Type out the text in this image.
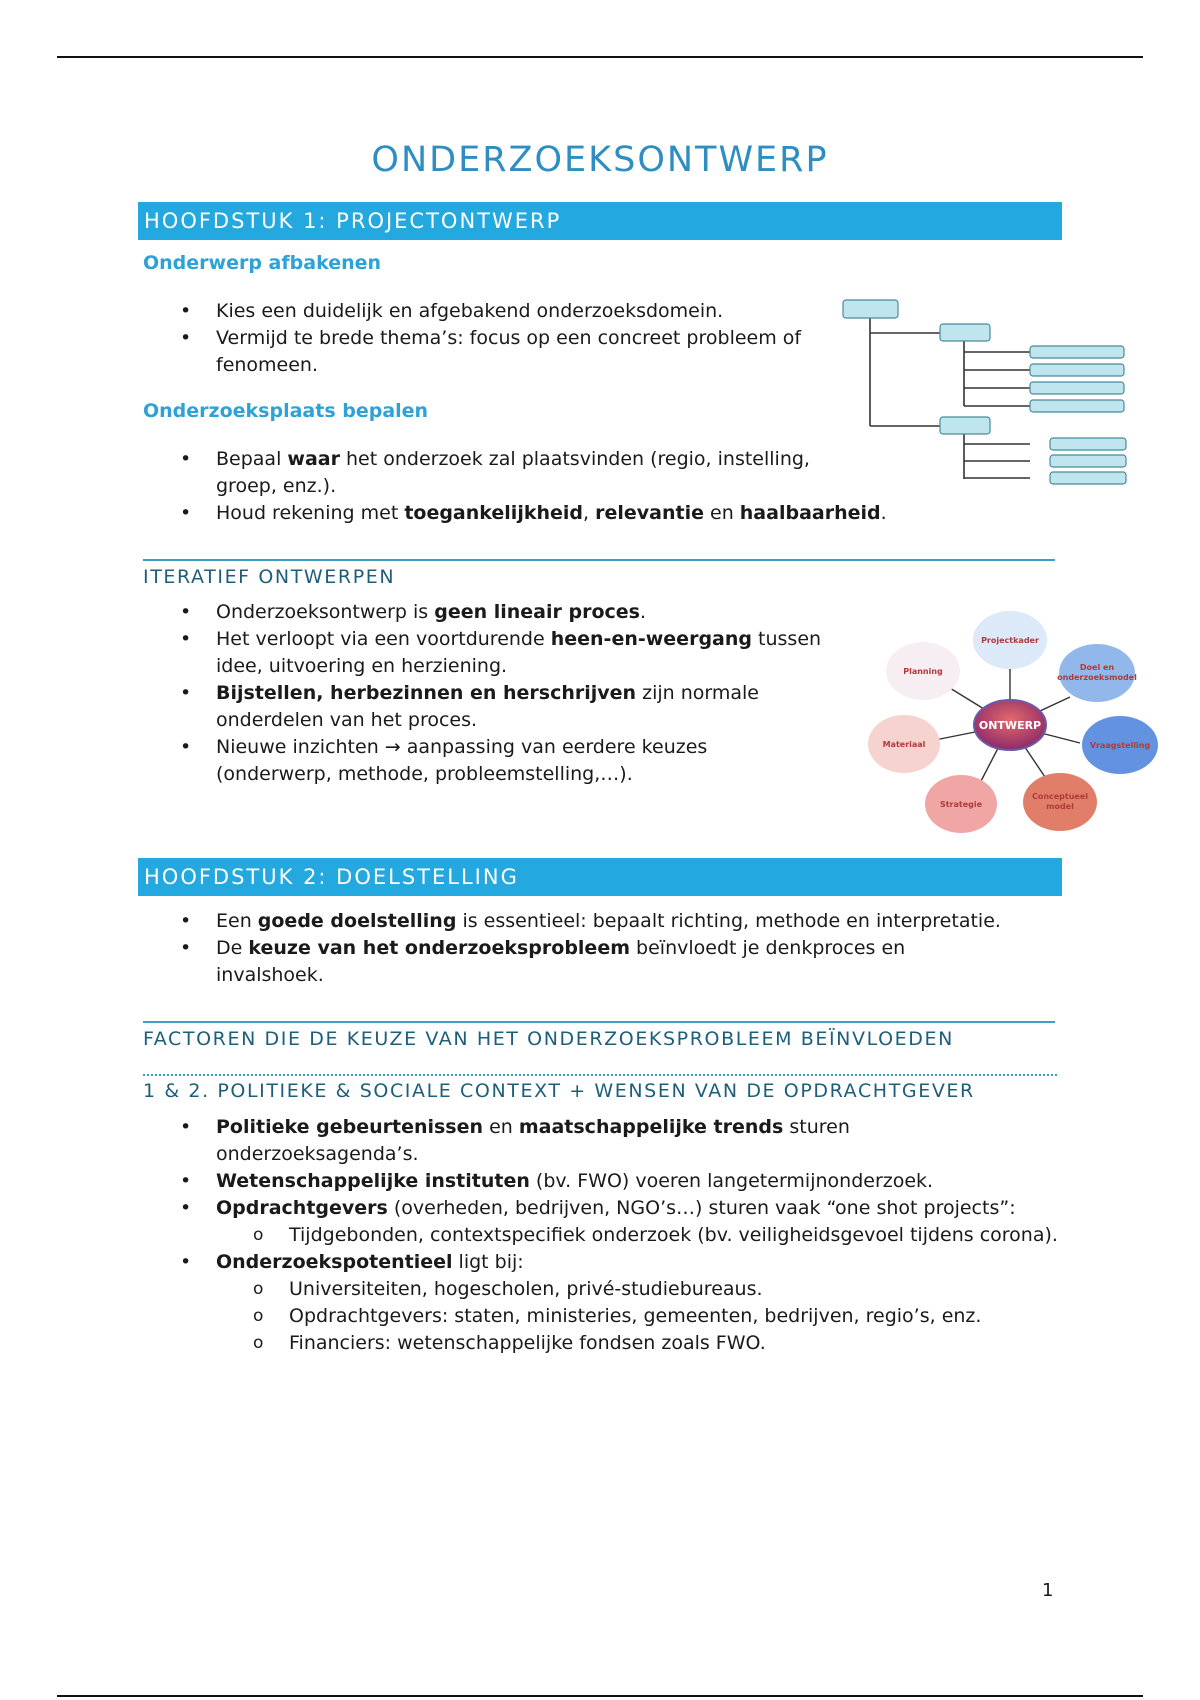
ONDERZOEKSONTWERP
HOOFDSTUK 1: PROJECTONTWERP
Onderwerp afbakenen
• Kies een duidelijk en afgebakend onderzoeksdomein.
• Vermijd te brede thema’s: focus op een concreet probleem of fenomeen.
Onderzoeksplaats bepalen
• Bepaal waar het onderzoek zal plaatsvinden (regio, instelling, groep, enz.).
• Houd rekening met toegankelijkheid, relevantie en haalbaarheid.
ITERATIEF ONTWERPEN
• Onderzoeksontwerp is geen lineair proces.
• Het verloopt via een voortdurende heen-en-weergang tussen idee, uitvoering en herziening.
• Bijstellen, herbezinnen en herschrijven zijn normale onderdelen van het proces.
• Nieuwe inzichten → aanpassing van eerdere keuzes (onderwerp, methode, probleemstelling,…).
Projectkader
Doel en
onderzoeksmodel
Vraagstelling
Conceptueel
model
Strategie
Materiaal
Planning
ONTWERP
HOOFDSTUK 2: DOELSTELLING
• Een goede doelstelling is essentieel: bepaalt richting, methode en interpretatie.
• De keuze van het onderzoeksprobleem beïnvloedt je denkproces en invalshoek.
FACTOREN DIE DE KEUZE VAN HET ONDERZOEKSPROBLEEM BEÏNVLOEDEN
1 & 2. POLITIEKE & SOCIALE CONTEXT + WENSEN VAN DE OPDRACHTGEVER
• Politieke gebeurtenissen en maatschappelijke trends sturen onderzoeksagenda’s.
• Wetenschappelijke instituten (bv. FWO) voeren langetermijnonderzoek.
• Opdrachtgevers (overheden, bedrijven, NGO’s…) sturen vaak “one shot projects”:
o Tijdgebonden, contextspecifiek onderzoek (bv. veiligheidsgevoel tijdens corona).
• Onderzoekspotentieel ligt bij:
o Universiteiten, hogescholen, privé-studiebureaus.
o Opdrachtgevers: staten, ministeries, gemeenten, bedrijven, regio’s, enz.
o Financiers: wetenschappelijke fondsen zoals FWO.
1
